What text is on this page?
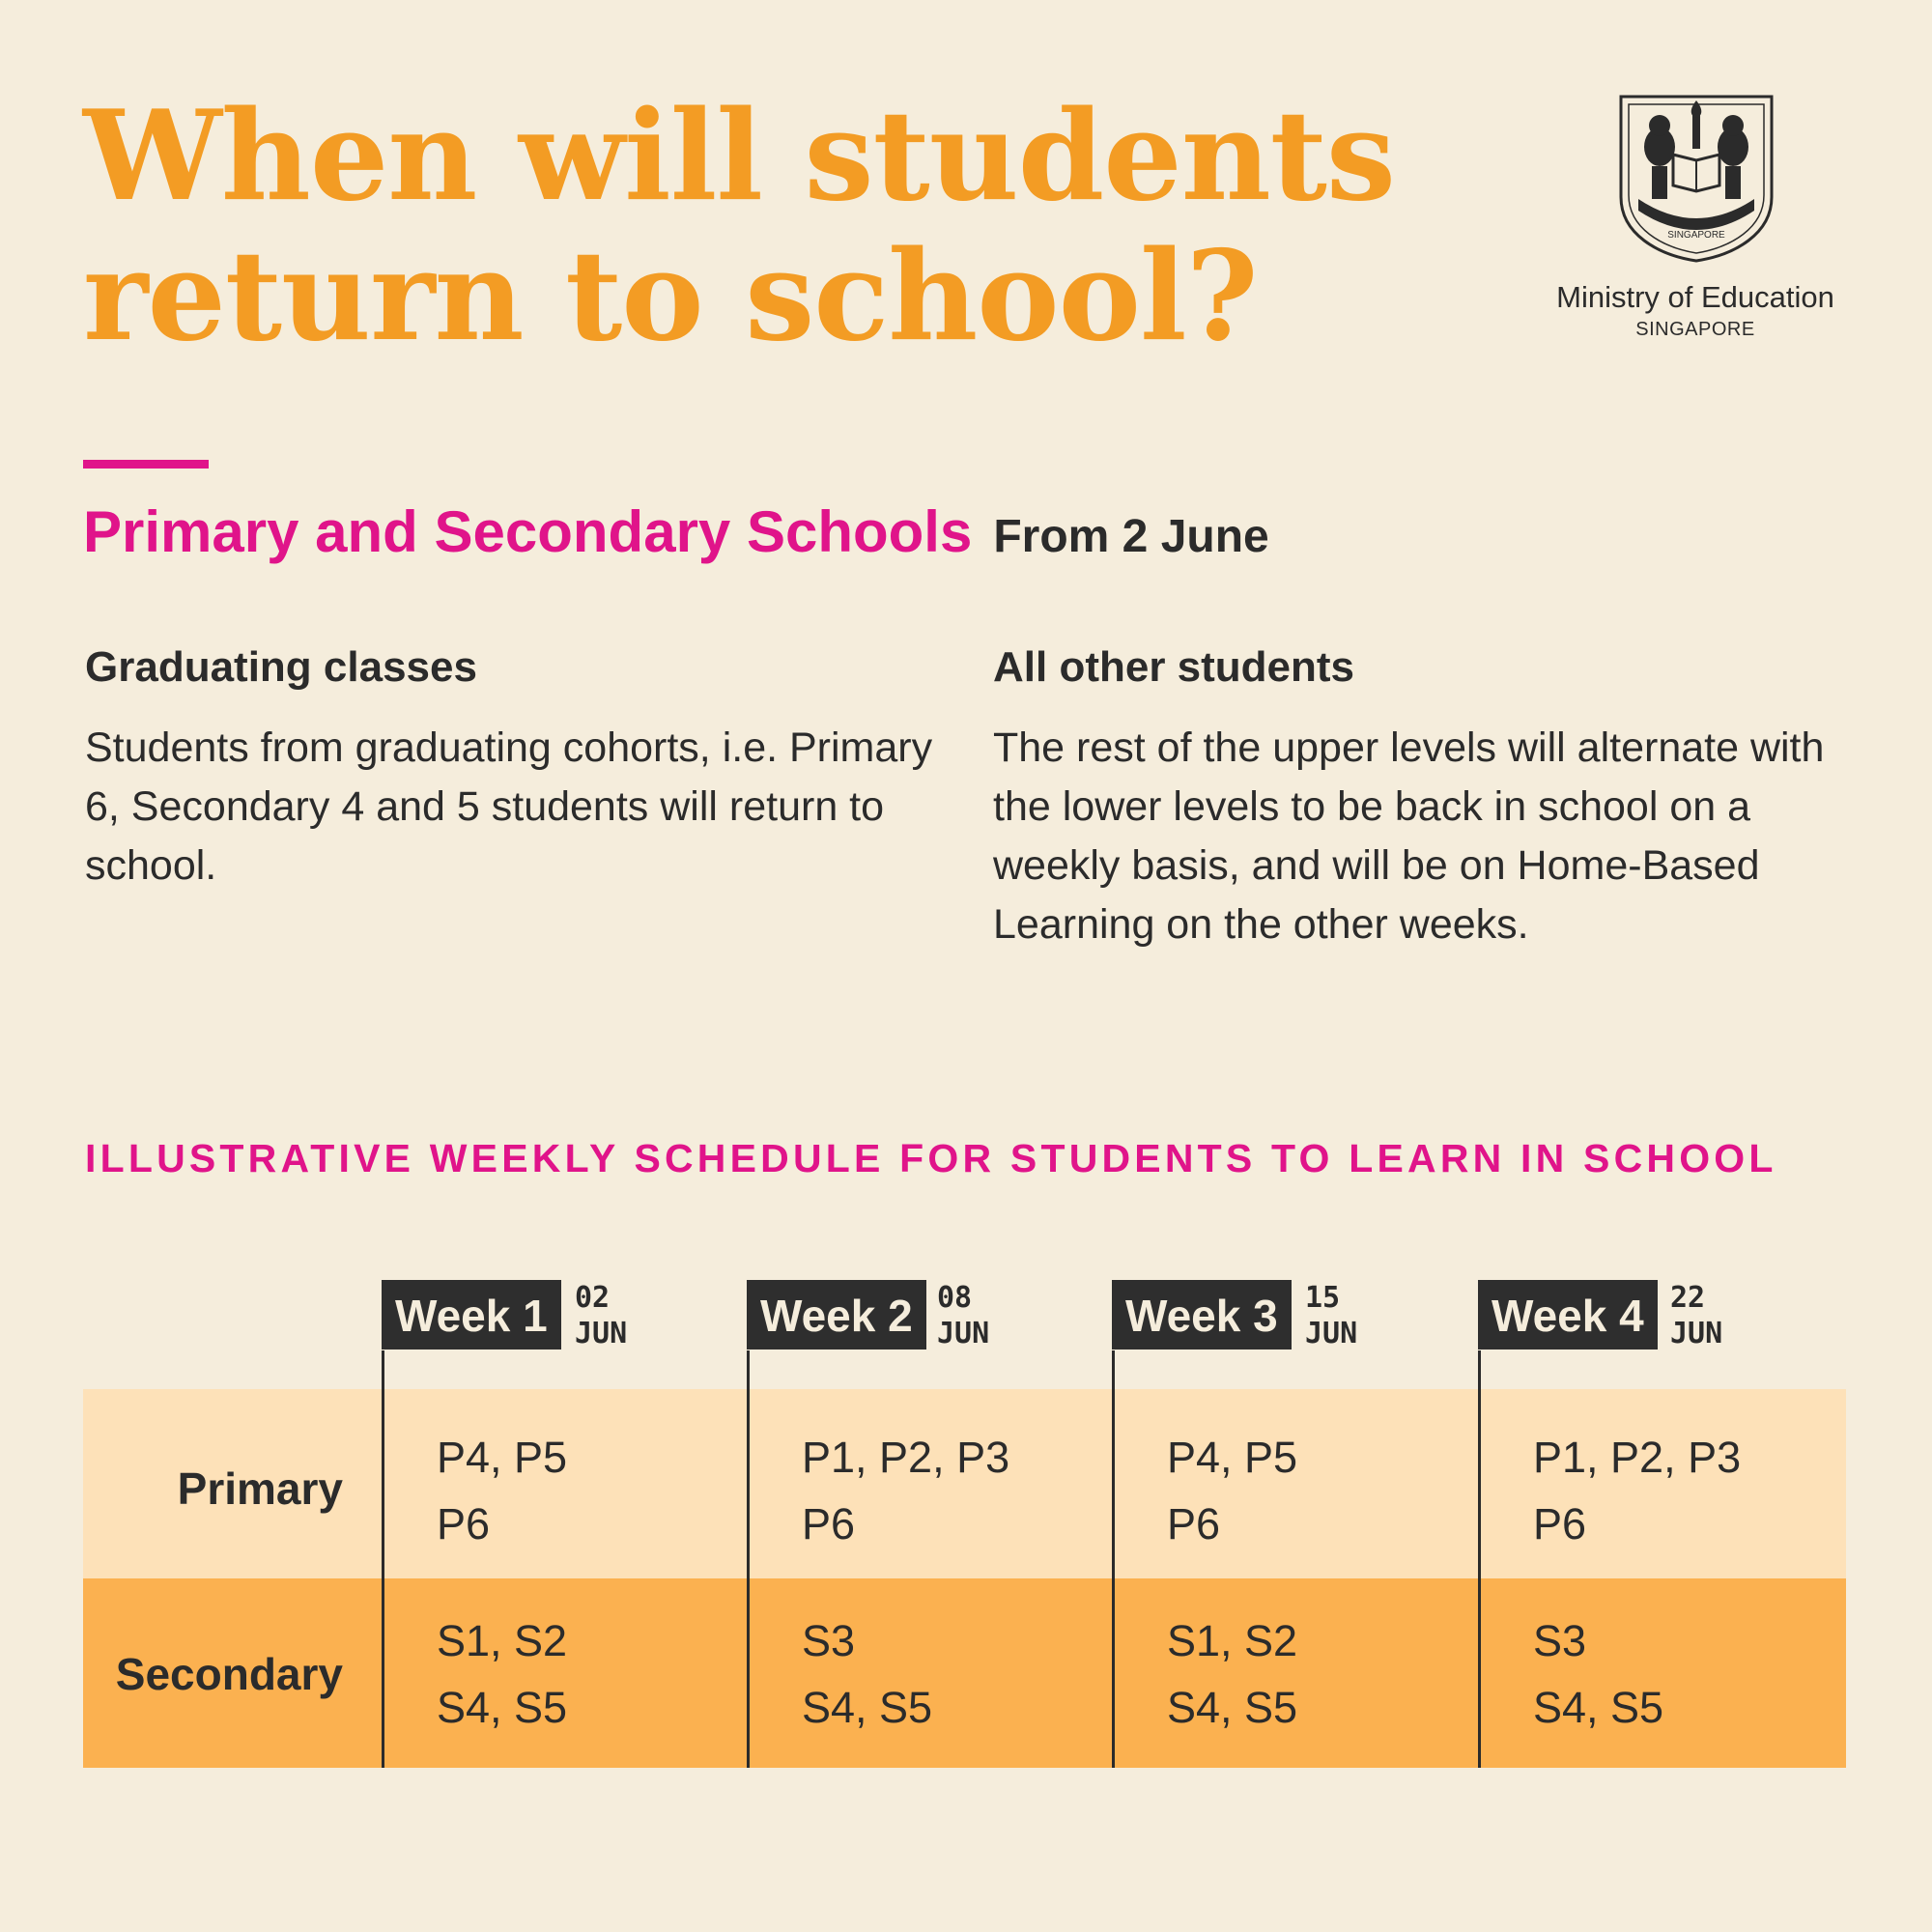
When will students
return to school?	SINGAPORE
Ministry of Education
SINGAPORE
Primary and Secondary Schools From 2 June
Graduating classes

Students from graduating cohorts, i.e. Primary 6, Secondary 4 and 5 students will return to school.

All other students

The rest of the upper levels will alternate with the lower levels to be back in school on a weekly basis, and will be on Home-Based Learning on the other weeks.

ILLUSTRATIVE WEEKLY SCHEDULE FOR STUDENTS TO LEARN IN SCHOOL
Primary
Secondary
Week 1 02
JUN
P4, P5
P6
S1, S2
S4, S5
Week 2 08
JUN
P1, P2, P3
P6
S3
S4, S5
Week 3 15
JUN
P4, P5
P6
S1, S2
S4, S5
Week 4 22
JUN
P1, P2, P3
P6
S3
S4, S5
